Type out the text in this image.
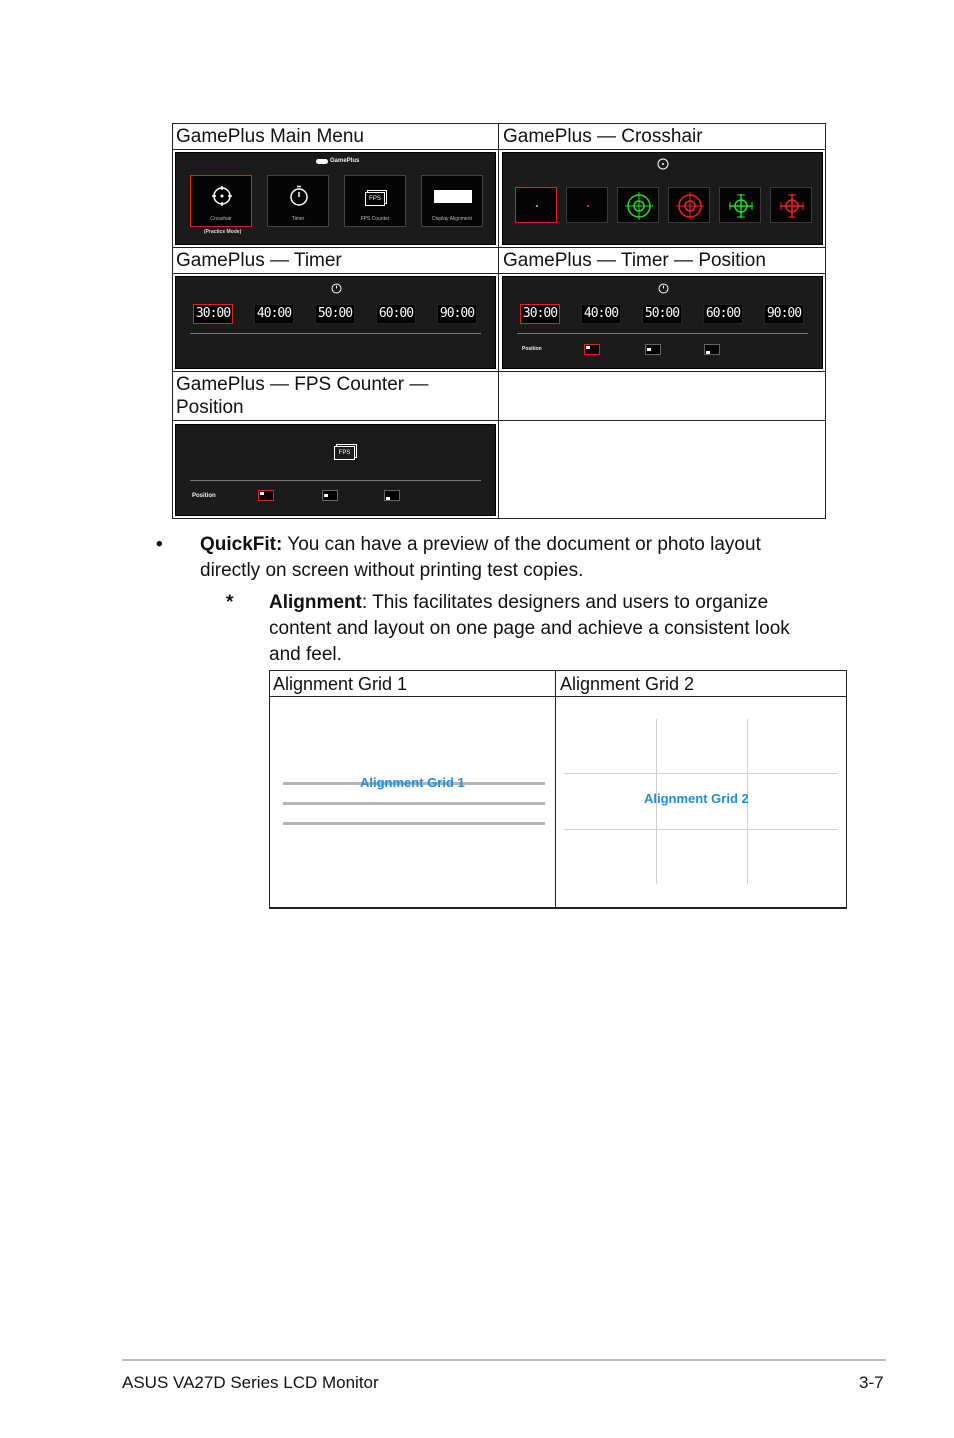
GamePlus Main Menu	GamePlus — Crosshair
GamePlus — Timer	GamePlus — Timer — Position
GamePlus — FPS Counter —
Position
GamePlus
Crosshair	Timer
FPS
FPS Counter	Display Alignment
(Practice Mode)
30:00 40:00 50:00 60:00 90:00	30:00 40:00 50:00 60:00 90:00
Position
FPS
Position
• QuickFit: You can have a preview of the document or photo layout
directly on screen without printing test copies.
* Alignment: This facilitates designers and users to organize
content and layout on one page and achieve a consistent look
and feel.
Alignment Grid 1	Alignment Grid 2
Alignment Grid 1
Alignment Grid 2
ASUS VA27D Series LCD Monitor	3-7
